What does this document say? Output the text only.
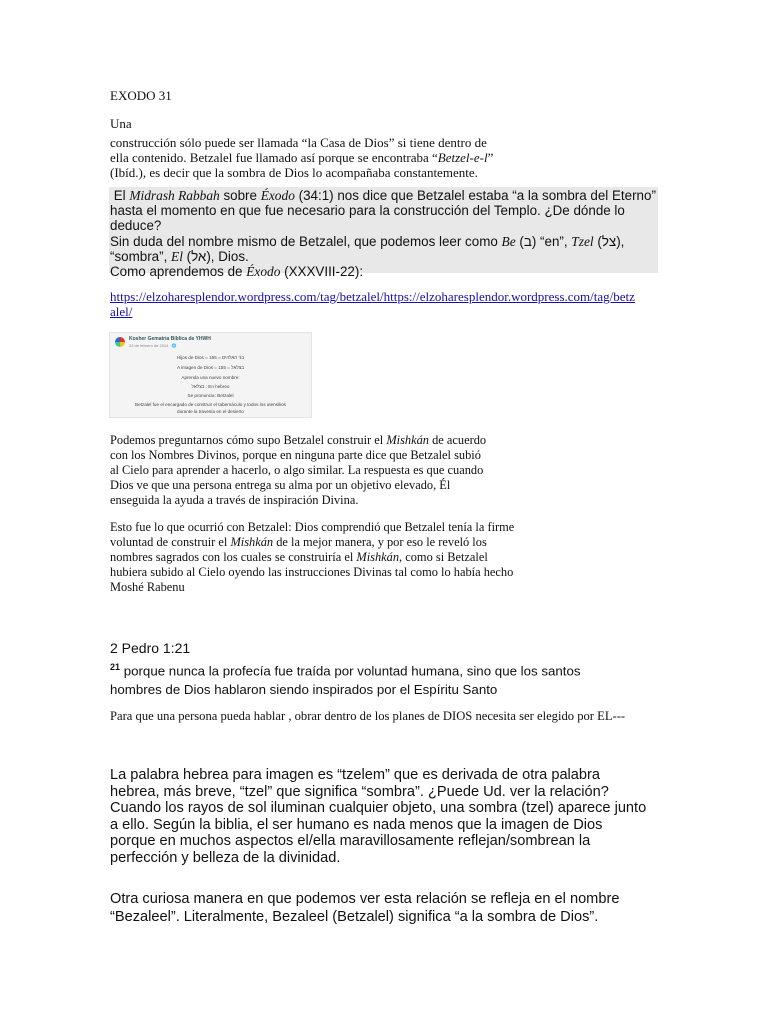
EXODO 31
Una
construcción sólo puede ser llamada “la Casa de Dios” si tiene dentro de
ella contenido. Betzalel fue llamado así porque se encontraba “Betzel-e-l”
(Ibíd.), es decir que la sombra de Dios lo acompañaba constantemente.
El Midrash Rabbah sobre Éxodo (34:1) nos dice que Betzalel estaba “a la sombra del Eterno”
hasta el momento en que fue necesario para la construcción del Templo. ¿De dónde lo
deduce?
Sin duda del nombre mismo de Betzalel, que podemos leer como Be (ב) “en”, Tzel (צל),
“sombra”, El (אל), Dios.
Como aprendemos de Éxodo (XXXVIII-22):
https://elzoharesplendor.wordpress.com/tag/betzalel/https://elzoharesplendor.wordpress.com/tag/betzalel/
Kosher Gematria Bíblica de YHWH
22 de febrero de 2014 · 🌐
Hijos de Dios = 155 = בני האלהים
A imagen de Dios = 155 = בצלאל
Aprenda una nuevo nombre:
בצלאל : En hebreo
Se pronuncia: Betzalel
Betzalel fue el encargado de construir el tabernáculo y todos los utensilios
durante la travesía en el desierto

Podemos preguntarnos cómo supo Betzalel construir el Mishkán de acuerdo con los Nombres Divinos, porque en ninguna parte dice que Betzalel subió al Cielo para aprender a hacerlo, o algo similar. La respuesta es que cuando Dios ve que una persona entrega su alma por un objetivo elevado, Él enseguida la ayuda a través de inspiración Divina.

Esto fue lo que ocurrió con Betzalel: Dios comprendió que Betzalel tenía la firme voluntad de construir el Mishkán de la mejor manera, y por eso le reveló los nombres sagrados con los cuales se construiría el Mishkán, como si Betzalel hubiera subido al Cielo oyendo las instrucciones Divinas tal como lo había hecho Moshé Rabenu

2 Pedro 1:21

$^{21}$ porque nunca la profecía fue traída por voluntad humana, sino que los santos hombres de Dios hablaron siendo inspirados por el Espíritu Santo

Para que una persona pueda hablar , obrar dentro de los planes de DIOS necesita ser elegido por EL---

La palabra hebrea para imagen es “tzelem” que es derivada de otra palabra hebrea, más breve, “tzel” que significa “sombra”. ¿Puede Ud. ver la relación? Cuando los rayos de sol iluminan cualquier objeto, una sombra (tzel) aparece junto a ello. Según la biblia, el ser humano es nada menos que la imagen de Dios porque en muchos aspectos el/ella maravillosamente reflejan/sombrean la perfección y belleza de la divinidad.

Otra curiosa manera en que podemos ver esta relación se refleja en el nombre “Bezaleel”. Literalmente, Bezaleel (Betzalel) significa “a la sombra de Dios”.
